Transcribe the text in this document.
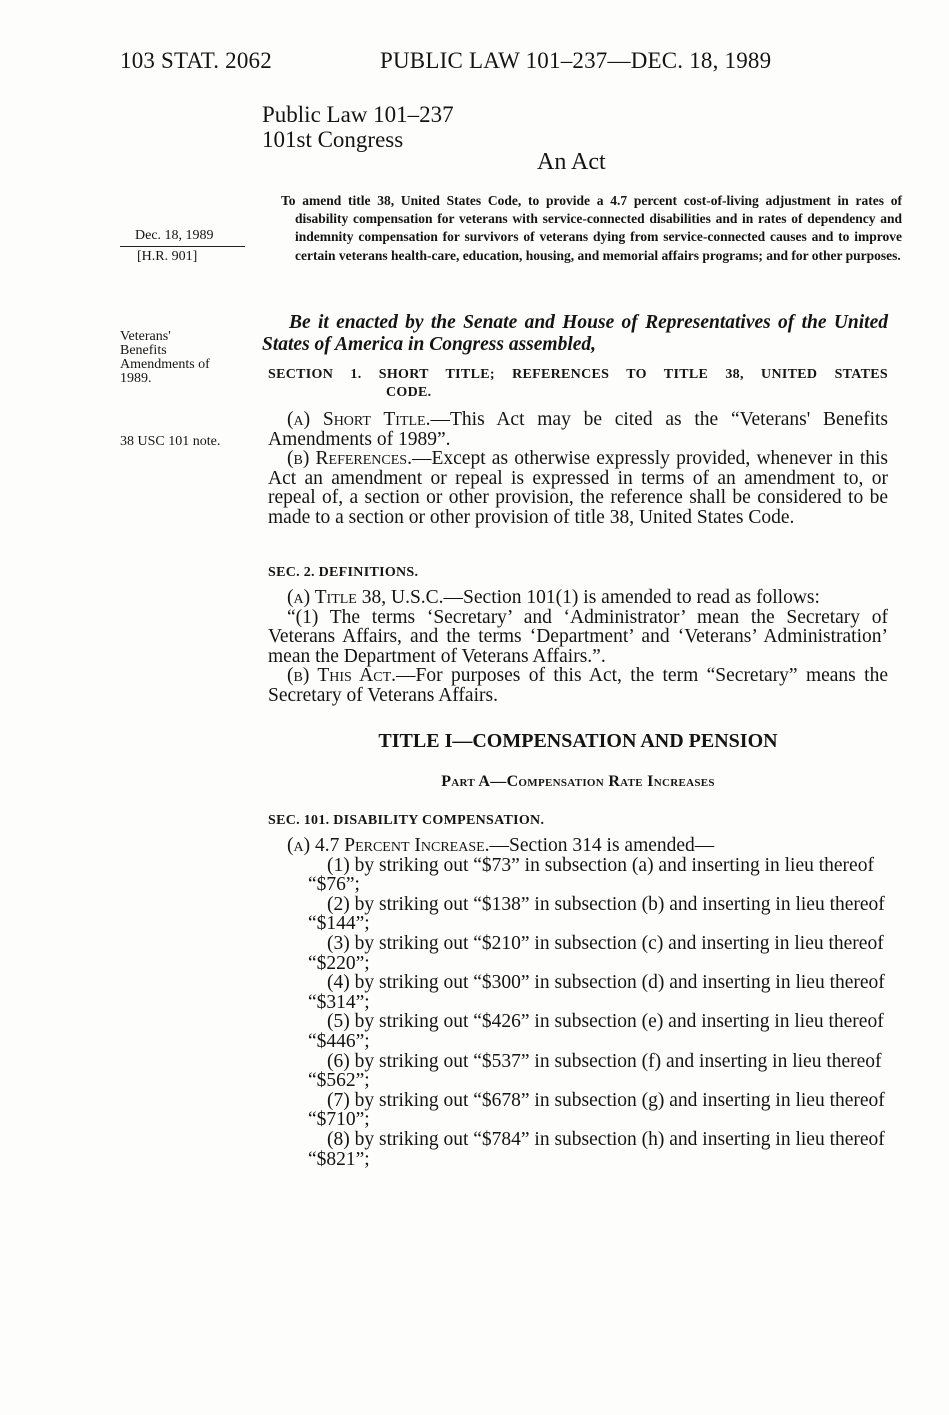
103 STAT. 2062	PUBLIC LAW 101–237—DEC. 18, 1989
Public Law 101–237
101st Congress
An Act
To amend title 38, United States Code, to provide a 4.7 percent cost-of-living adjustment in rates of disability compensation for veterans with service-connected disabilities and in rates of dependency and indemnity compensation for survivors of veterans dying from service-connected causes and to improve certain veterans health-care, education, housing, and memorial affairs programs; and for other purposes.
Dec. 18, 1989
[H.R. 901]
Veterans'
Benefits
Amendments of
1989.
38 USC 101 note.
Be it enacted by the Senate and House of Representatives of the United States of America in Congress assembled,
SECTION 1. SHORT TITLE; REFERENCES TO TITLE 38, UNITED STATES
CODE.

(a) Short Title.—This Act may be cited as the “Veterans' Benefits Amendments of 1989”.

(b) References.—Except as otherwise expressly provided, whenever in this Act an amendment or repeal is expressed in terms of an amendment to, or repeal of, a section or other provision, the reference shall be considered to be made to a section or other provision of title 38, United States Code.

SEC. 2. DEFINITIONS.

(a) Title 38, U.S.C.—Section 101(1) is amended to read as follows:

“(1) The terms ‘Secretary’ and ‘Administrator’ mean the Secretary of Veterans Affairs, and the terms ‘Department’ and ‘Veterans’ Administration’ mean the Department of Veterans Affairs.”.

(b) This Act.—For purposes of this Act, the term “Secretary” means the Secretary of Veterans Affairs.

TITLE I—COMPENSATION AND PENSION
Part A—Compensation Rate Increases
SEC. 101. DISABILITY COMPENSATION.

(a) 4.7 Percent Increase.—Section 314 is amended—

(1) by striking out “$73” in subsection (a) and inserting in lieu thereof “$76”;

(2) by striking out “$138” in subsection (b) and inserting in lieu thereof “$144”;

(3) by striking out “$210” in subsection (c) and inserting in lieu thereof “$220”;

(4) by striking out “$300” in subsection (d) and inserting in lieu thereof “$314”;

(5) by striking out “$426” in subsection (e) and inserting in lieu thereof “$446”;

(6) by striking out “$537” in subsection (f) and inserting in lieu thereof “$562”;

(7) by striking out “$678” in subsection (g) and inserting in lieu thereof “$710”;

(8) by striking out “$784” in subsection (h) and inserting in lieu thereof “$821”;
